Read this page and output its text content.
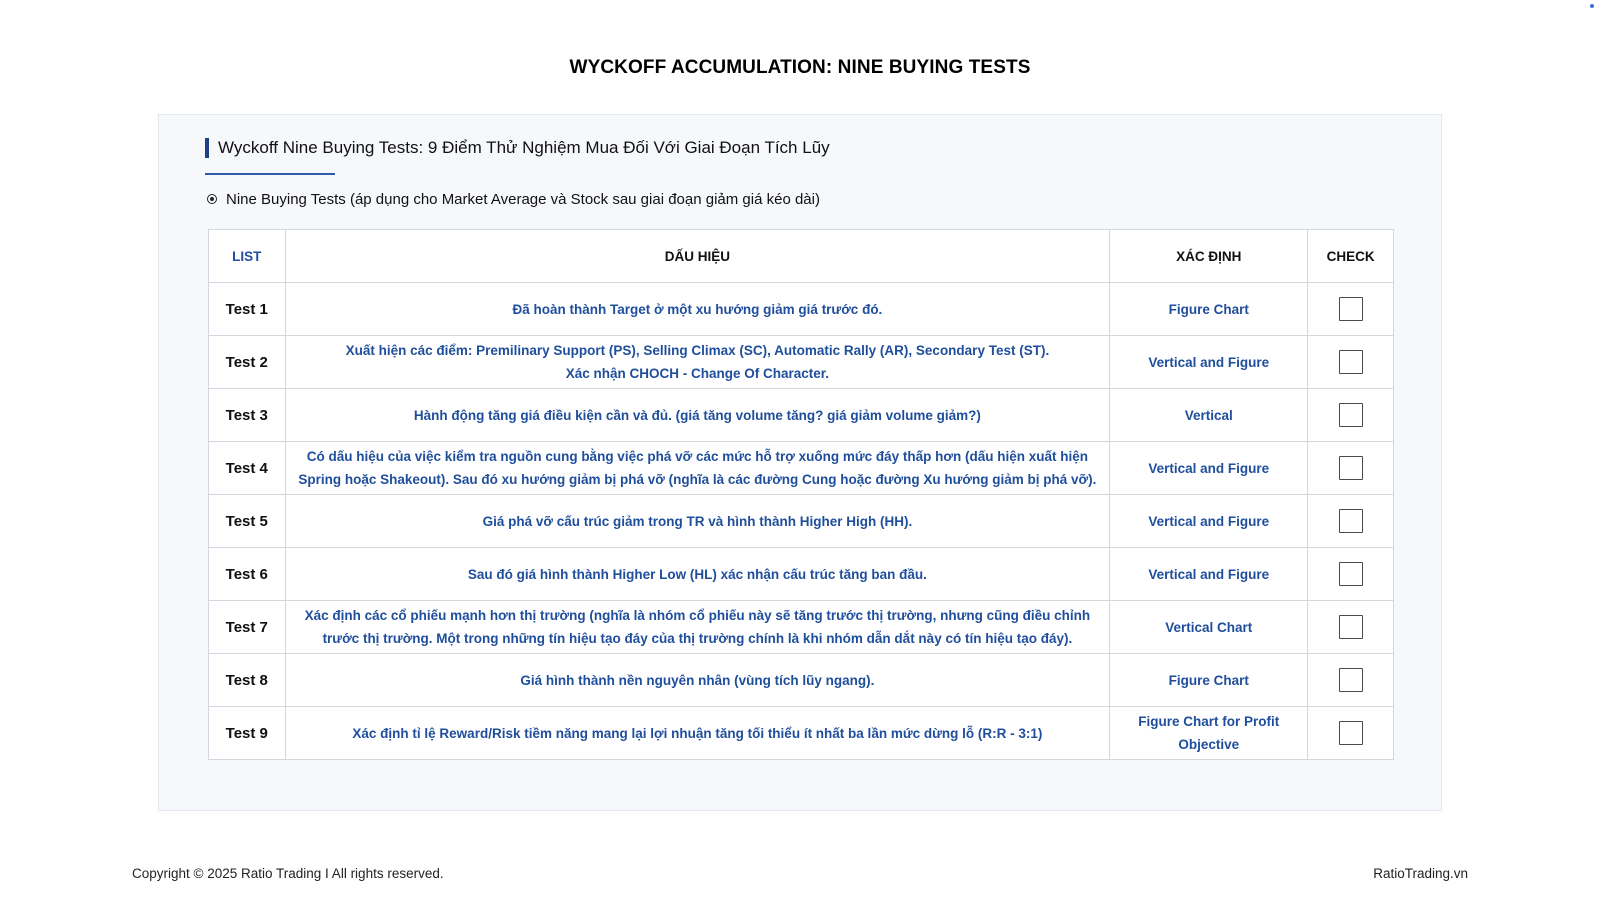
WYCKOFF ACCUMULATION: NINE BUYING TESTS
Wyckoff Nine Buying Tests: 9 Điểm Thử Nghiệm Mua Đối Với Giai Đoạn Tích Lũy
Nine Buying Tests (áp dụng cho Market Average và Stock sau giai đoạn giảm giá kéo dài)
LIST	DẤU HIỆU	XÁC ĐỊNH	CHECK
Test 1	Đã hoàn thành Target ở một xu hướng giảm giá trước đó.	Figure Chart	
Test 2	Xuất hiện các điểm: Premilinary Support (PS), Selling Climax (SC), Automatic Rally (AR), Secondary Test (ST).
Xác nhận CHOCH - Change Of Character.	Vertical and Figure	
Test 3	Hành động tăng giá điều kiện cần và đủ. (giá tăng volume tăng? giá giảm volume giảm?)	Vertical	
Test 4	Có dấu hiệu của việc kiểm tra nguồn cung bằng việc phá vỡ các mức hỗ trợ xuống mức đáy thấp hơn (dấu hiện xuất hiện
Spring hoặc Shakeout). Sau đó xu hướng giảm bị phá vỡ (nghĩa là các đường Cung hoặc đường Xu hướng giảm bị phá vỡ).	Vertical and Figure	
Test 5	Giá phá vỡ cấu trúc giảm trong TR và hình thành Higher High (HH).	Vertical and Figure	
Test 6	Sau đó giá hình thành Higher Low (HL) xác nhận cấu trúc tăng ban đầu.	Vertical and Figure	
Test 7	Xác định các cổ phiếu mạnh hơn thị trường (nghĩa là nhóm cổ phiếu này sẽ tăng trước thị trường, nhưng cũng điều chỉnh
trước thị trường. Một trong những tín hiệu tạo đáy của thị trường chính là khi nhóm dẫn dắt này có tín hiệu tạo đáy).	Vertical Chart	
Test 8	Giá hình thành nền nguyên nhân (vùng tích lũy ngang).	Figure Chart	
Test 9	Xác định tỉ lệ Reward/Risk tiềm năng mang lại lợi nhuận tăng tối thiểu ít nhất ba lần mức dừng lỗ (R:R - 3:1)	Figure Chart for Profit
Objective	

Copyright © 2025 Ratio Trading I All rights reserved.	RatioTrading.vn
